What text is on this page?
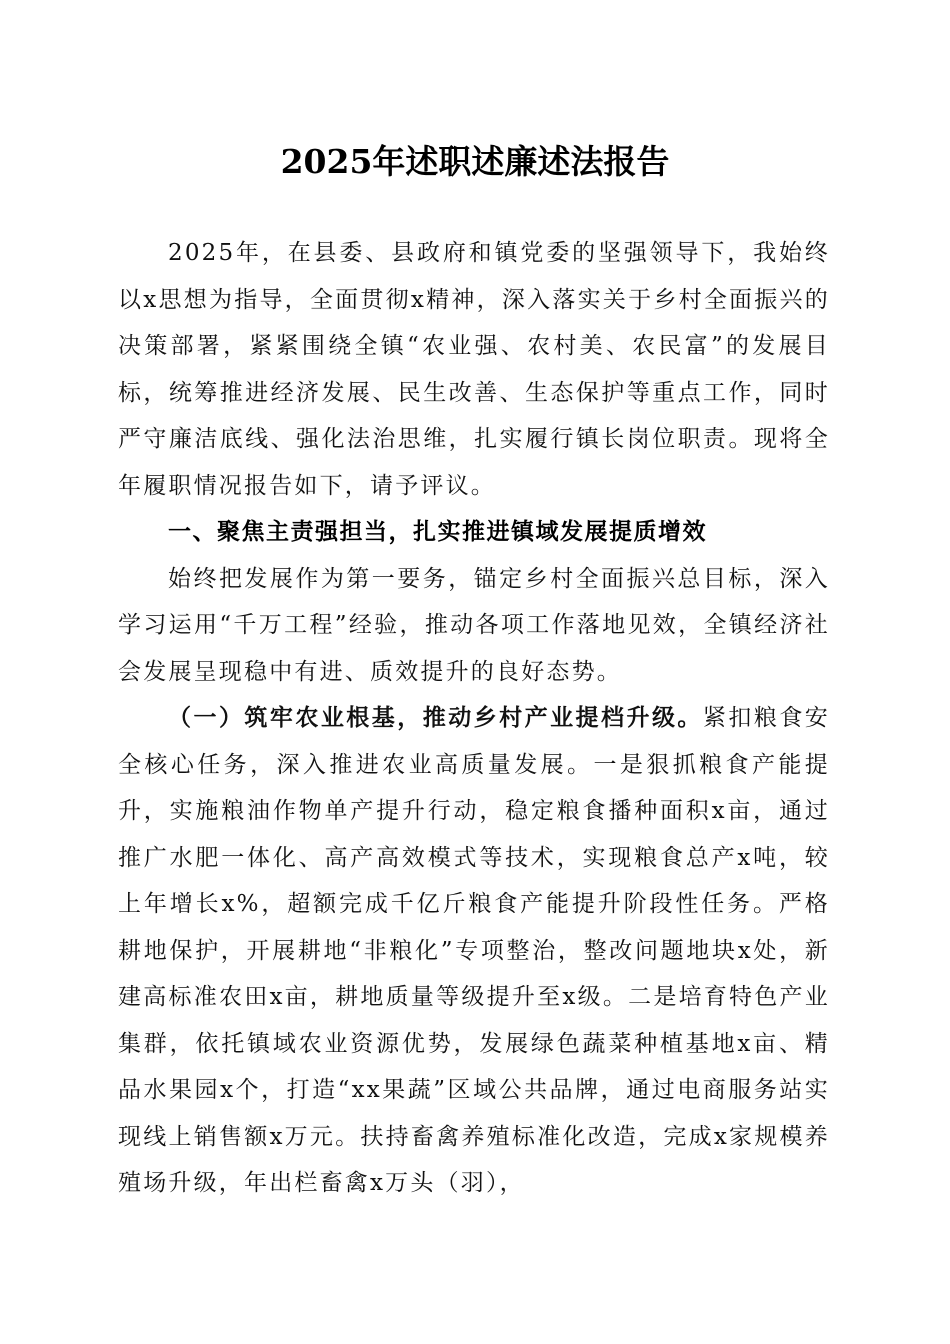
2025年述职述廉述法报告

2025年，在县委、县政府和镇党委的坚强领导下，我始终以x思想为指导，全面贯彻x精神，深入落实关于乡村全面振兴的决策部署，紧紧围绕全镇“农业强、农村美、农民富”的发展目标，统筹推进经济发展、民生改善、生态保护等重点工作，同时严守廉洁底线、强化法治思维，扎实履行镇长岗位职责。现将全年履职情况报告如下，请予评议。

一、聚焦主责强担当，扎实推进镇域发展提质增效

始终把发展作为第一要务，锚定乡村全面振兴总目标，深入学习运用“千万工程”经验，推动各项工作落地见效，全镇经济社会发展呈现稳中有进、质效提升的良好态势。

（一）筑牢农业根基，推动乡村产业提档升级。紧扣粮食安全核心任务，深入推进农业高质量发展。一是狠抓粮食产能提升，实施粮油作物单产提升行动，稳定粮食播种面积x亩，通过推广水肥一体化、高产高效模式等技术，实现粮食总产x吨，较上年增长x%，超额完成千亿斤粮食产能提升阶段性任务。严格耕地保护，开展耕地“非粮化”专项整治，整改问题地块x处，新建高标准农田x亩，耕地质量等级提升至x级。二是培育特色产业集群，依托镇域农业资源优势，发展绿色蔬菜种植基地x亩、精品水果园x个，打造“xx果蔬”区域公共品牌，通过电商服务站实现线上销售额x万元。扶持畜禽养殖标准化改造，完成x家规模养殖场升级，年出栏畜禽x万头（羽），
